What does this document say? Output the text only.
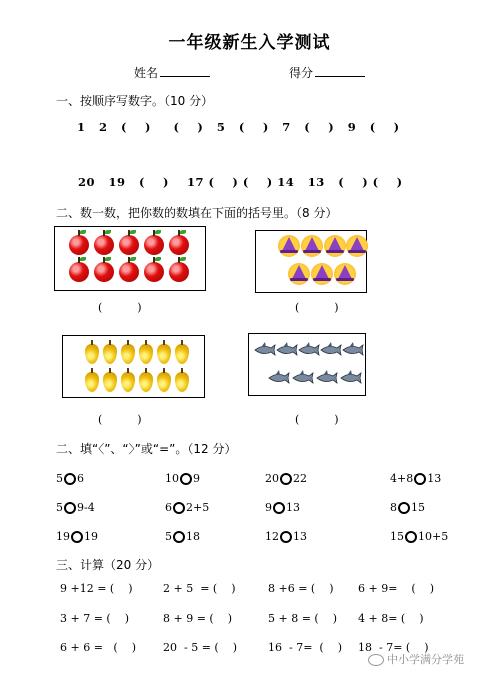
一年级新生入学测试
姓名	得分
一、按顺序写数字。（10 分）
1   2   (    )     (    )   5   (    )   7   (    )   9   (    )
20   19   (    )    17 (    ) (    ) 14   13   (    ) (    )
二、数一数，把你数的数填在下面的括号里。（8 分）
(          )	(          )
(          )	(          )
二、填“〈”、“〉”或“=”。（12 分）
5 6	10 9	20 22	4+8 13
5 9-4	6 2+5	9 13	8 15
19 19	5 18	12 13	15 10+5
三、计算（20 分）
9 +12 = (    )	2 + 5  = (    )	8 +6 = (    ) 6 + 9=    (    )
3 + 7 = (    )	8 + 9 = (    )	5 + 8 = (    ) 4 + 8= (    )
6 + 6 =   (    ) 20  - 5 = (    )	16  - 7=  (    ) 18  - 7= (    )
中小学满分学苑
